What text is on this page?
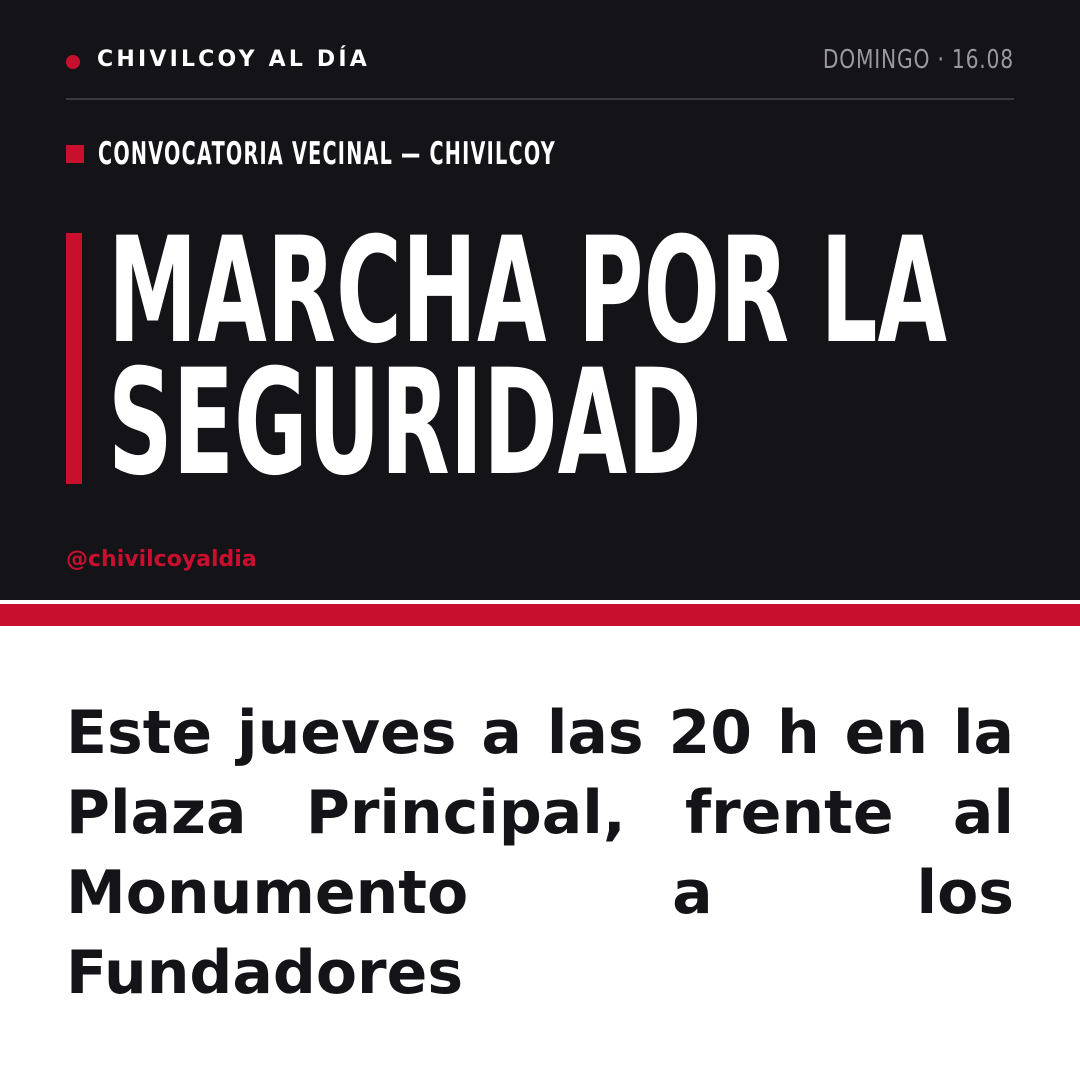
CHIVILCOY AL DÍA	DOMINGO · 16.08
CONVOCATORIA VECINAL — CHIVILCOY
MARCHA POR LA
SEGURIDAD
@chivilcoyaldia

Este jueves a las 20 h en la Plaza Principal, frente al Monumento a los Fundadores
